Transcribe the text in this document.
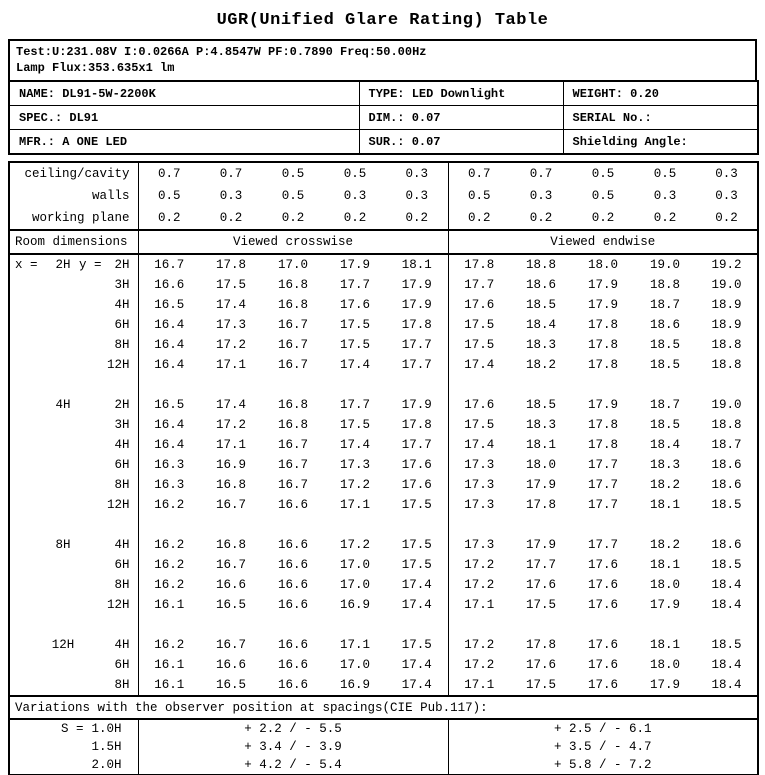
UGR(Unified Glare Rating) Table
Test:U:231.08V I:0.0266A P:4.8547W PF:0.7890 Freq:50.00Hz
Lamp Flux:353.635x1 lm
NAME: DL91-5W-2200K	TYPE: LED Downlight	WEIGHT: 0.20
SPEC.: DL91	DIM.: 0.07	SERIAL No.:
MFR.: A ONE LED	SUR.: 0.07	Shielding Angle:
ceiling/cavity	0.7	0.7	0.5	0.5	0.3	0.7	0.7	0.5	0.5	0.3
walls	0.5	0.3	0.5	0.3	0.3	0.5	0.3	0.5	0.3	0.3
working plane	0.2	0.2	0.2	0.2	0.2	0.2	0.2	0.2	0.2	0.2
Room dimensions	Viewed crosswise					Viewed endwise				

x = 2H y = 2H	16.7	17.8	17.0	17.9	18.1	17.8	18.8	18.0	19.0	19.2

3H	16.6	17.5	16.8	17.7	17.9	17.7	18.6	17.9	18.8	19.0

4H	16.5	17.4	16.8	17.6	17.9	17.6	18.5	17.9	18.7	18.9

6H	16.4	17.3	16.7	17.5	17.8	17.5	18.4	17.8	18.6	18.9

8H	16.4	17.2	16.7	17.5	17.7	17.5	18.3	17.8	18.5	18.8

12H	16.4	17.1	16.7	17.4	17.7	17.4	18.2	17.8	18.5	18.8

4H 2H	16.5	17.4	16.8	17.7	17.9	17.6	18.5	17.9	18.7	19.0

3H	16.4	17.2	16.8	17.5	17.8	17.5	18.3	17.8	18.5	18.8

4H	16.4	17.1	16.7	17.4	17.7	17.4	18.1	17.8	18.4	18.7

6H	16.3	16.9	16.7	17.3	17.6	17.3	18.0	17.7	18.3	18.6

8H	16.3	16.8	16.7	17.2	17.6	17.3	17.9	17.7	18.2	18.6

12H	16.2	16.7	16.6	17.1	17.5	17.3	17.8	17.7	18.1	18.5

8H 4H	16.2	16.8	16.6	17.2	17.5	17.3	17.9	17.7	18.2	18.6

6H	16.2	16.7	16.6	17.0	17.5	17.2	17.7	17.6	18.1	18.5

8H	16.2	16.6	16.6	17.0	17.4	17.2	17.6	17.6	18.0	18.4

12H	16.1	16.5	16.6	16.9	17.4	17.1	17.5	17.6	17.9	18.4

12H 4H	16.2	16.7	16.6	17.1	17.5	17.2	17.8	17.6	18.1	18.5

6H	16.1	16.6	16.6	17.0	17.4	17.2	17.6	17.6	18.0	18.4

8H	16.1	16.5	16.6	16.9	17.4	17.1	17.5	17.6	17.9	18.4
Variations with the observer position at spacings(CIE Pub.117):										

S = 1.0H	+ 2.2 / - 5.5					+ 2.5 / - 6.1				

1.5H	+ 3.4 / - 3.9					+ 3.5 / - 4.7				

2.0H	+ 4.2 / - 5.4					+ 5.8 / - 7.2				
